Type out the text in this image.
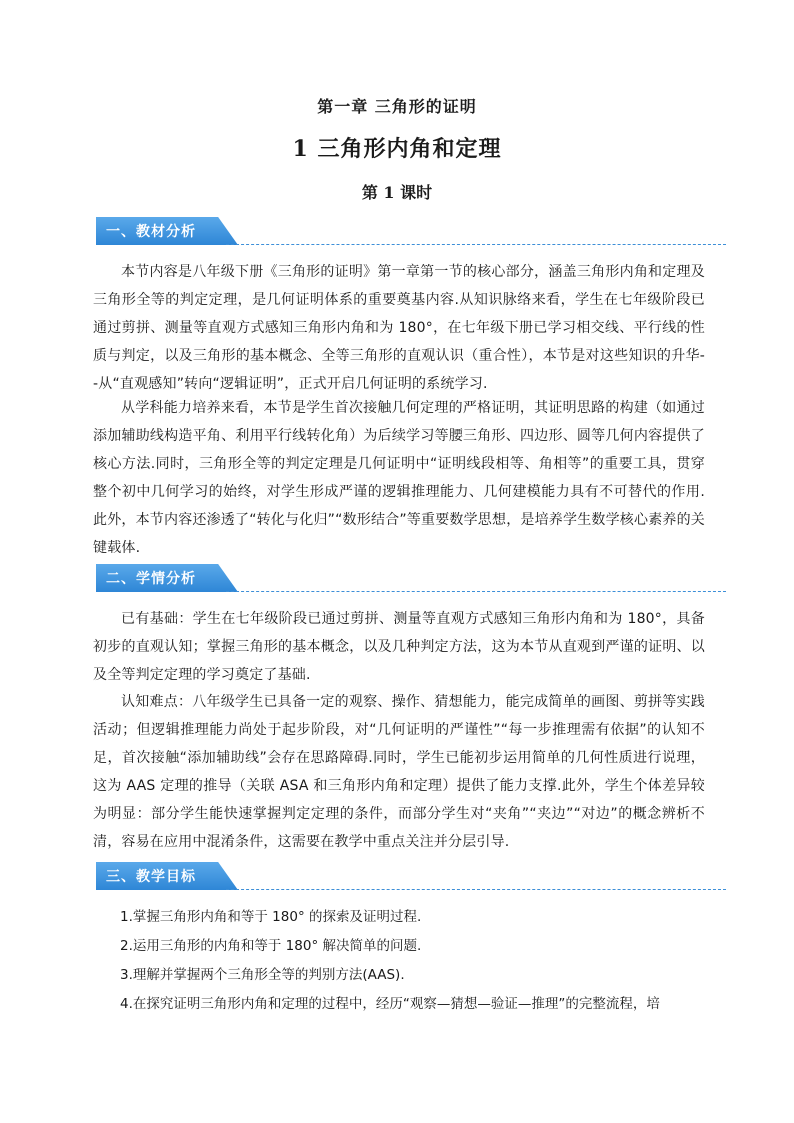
第一章 三角形的证明
1 三角形内角和定理
第 1 课时
一、教材分析
本节内容是八年级下册《三角形的证明》第一章第一节的核心部分，涵盖三角形内角和定理及三角形全等的判定定理，是几何证明体系的重要奠基内容.从知识脉络来看，学生在七年级阶段已通过剪拼、测量等直观方式感知三角形内角和为 180°，在七年级下册已学习相交线、平行线的性质与判定，以及三角形的基本概念、全等三角形的直观认识（重合性），本节是对这些知识的升华--从“直观感知”转向“逻辑证明”，正式开启几何证明的系统学习.
从学科能力培养来看，本节是学生首次接触几何定理的严格证明，其证明思路的构建（如通过添加辅助线构造平角、利用平行线转化角）为后续学习等腰三角形、四边形、圆等几何内容提供了核心方法.同时，三角形全等的判定定理是几何证明中“证明线段相等、角相等”的重要工具，贯穿整个初中几何学习的始终，对学生形成严谨的逻辑推理能力、几何建模能力具有不可替代的作用.此外，本节内容还渗透了“转化与化归”“数形结合”等重要数学思想，是培养学生数学核心素养的关键载体.
二、学情分析
已有基础：学生在七年级阶段已通过剪拼、测量等直观方式感知三角形内角和为 180°，具备初步的直观认知；掌握三角形的基本概念，以及几种判定方法，这为本节从直观到严谨的证明、以及全等判定定理的学习奠定了基础.
认知难点：八年级学生已具备一定的观察、操作、猜想能力，能完成简单的画图、剪拼等实践活动；但逻辑推理能力尚处于起步阶段，对“几何证明的严谨性”“每一步推理需有依据”的认知不足，首次接触“添加辅助线”会存在思路障碍.同时，学生已能初步运用简单的几何性质进行说理，这为 AAS 定理的推导（关联 ASA 和三角形内角和定理）提供了能力支撑.此外，学生个体差异较为明显：部分学生能快速掌握判定定理的条件，而部分学生对“夹角”“夹边”“对边”的概念辨析不清，容易在应用中混淆条件，这需要在教学中重点关注并分层引导.
三、教学目标
1.掌握三角形内角和等于 180° 的探索及证明过程.
2.运用三角形的内角和等于 180° 解决简单的问题.
3.理解并掌握两个三角形全等的判别方法(AAS).
4.在探究证明三角形内角和定理的过程中，经历“观察—猜想—验证—推理”的完整流程，培
